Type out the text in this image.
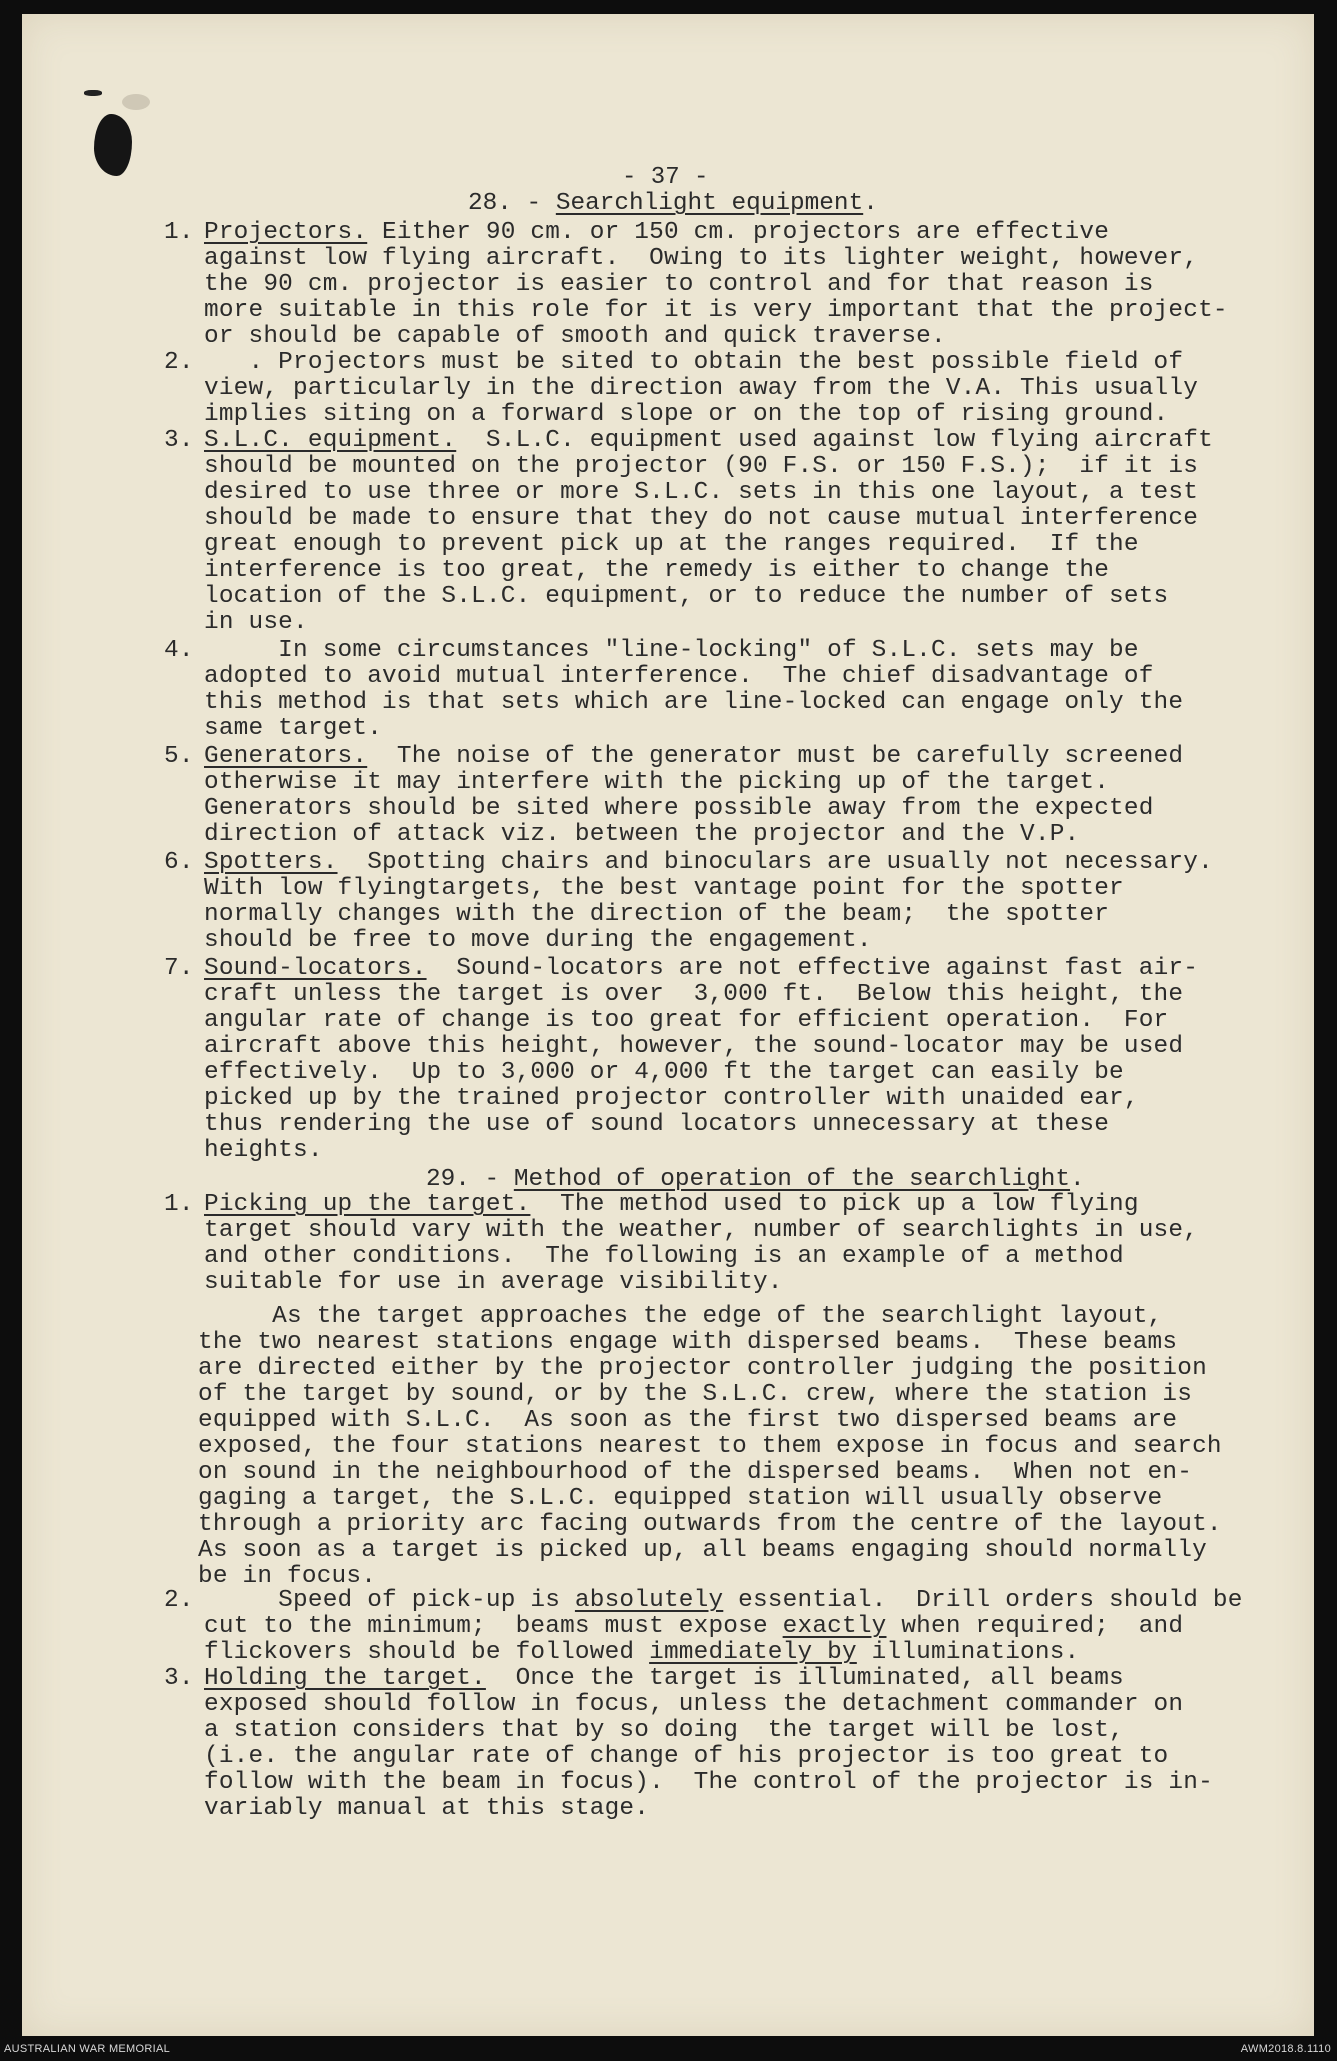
- 37 -
28. - Searchlight equipment.
1. Projectors. Either 90 cm. or 150 cm. projectors are effective
against low flying aircraft.  Owing to its lighter weight, however,
the 90 cm. projector is easier to control and for that reason is
more suitable in this role for it is very important that the project-
or should be capable of smooth and quick traverse.
2. . Projectors must be sited to obtain the best possible field of
view, particularly in the direction away from the V.A. This usually
implies siting on a forward slope or on the top of rising ground.
3. S.L.C. equipment.  S.L.C. equipment used against low flying aircraft
should be mounted on the projector (90 F.S. or 150 F.S.);  if it is
desired to use three or more S.L.C. sets in this one layout, a test
should be made to ensure that they do not cause mutual interference
great enough to prevent pick up at the ranges required.  If the
interference is too great, the remedy is either to change the
location of the S.L.C. equipment, or to reduce the number of sets
in use.
4. In some circumstances "line-locking" of S.L.C. sets may be
adopted to avoid mutual interference.  The chief disadvantage of
this method is that sets which are line-locked can engage only the
same target.
5. Generators.  The noise of the generator must be carefully screened
otherwise it may interfere with the picking up of the target.
Generators should be sited where possible away from the expected
direction of attack viz. between the projector and the V.P.
6. Spotters.  Spotting chairs and binoculars are usually not necessary.
With low flyingtargets, the best vantage point for the spotter
normally changes with the direction of the beam;  the spotter
should be free to move during the engagement.
7. Sound-locators.  Sound-locators are not effective against fast air-
craft unless the target is over  3,000 ft.  Below this height, the
angular rate of change is too great for efficient operation.  For
aircraft above this height, however, the sound-locator may be used
effectively.  Up to 3,000 or 4,000 ft the target can easily be
picked up by the trained projector controller with unaided ear,
thus rendering the use of sound locators unnecessary at these
heights.
29. - Method of operation of the searchlight.
1. Picking up the target.  The method used to pick up a low flying
target should vary with the weather, number of searchlights in use,
and other conditions.  The following is an example of a method
suitable for use in average visibility.
As the target approaches the edge of the searchlight layout,
the two nearest stations engage with dispersed beams.  These beams
are directed either by the projector controller judging the position
of the target by sound, or by the S.L.C. crew, where the station is
equipped with S.L.C.  As soon as the first two dispersed beams are
exposed, the four stations nearest to them expose in focus and search
on sound in the neighbourhood of the dispersed beams.  When not en-
gaging a target, the S.L.C. equipped station will usually observe
through a priority arc facing outwards from the centre of the layout.
As soon as a target is picked up, all beams engaging should normally
be in focus.
2. Speed of pick-up is absolutely essential.  Drill orders should be
cut to the minimum;  beams must expose exactly when required;  and
flickovers should be followed immediately by illuminations.
3. Holding the target.  Once the target is illuminated, all beams
exposed should follow in focus, unless the detachment commander on
a station considers that by so doing  the target will be lost,
(i.e. the angular rate of change of his projector is too great to
follow with the beam in focus).  The control of the projector is in-
variably manual at this stage.
AUSTRALIAN WAR MEMORIAL	AWM2018.8.1110
